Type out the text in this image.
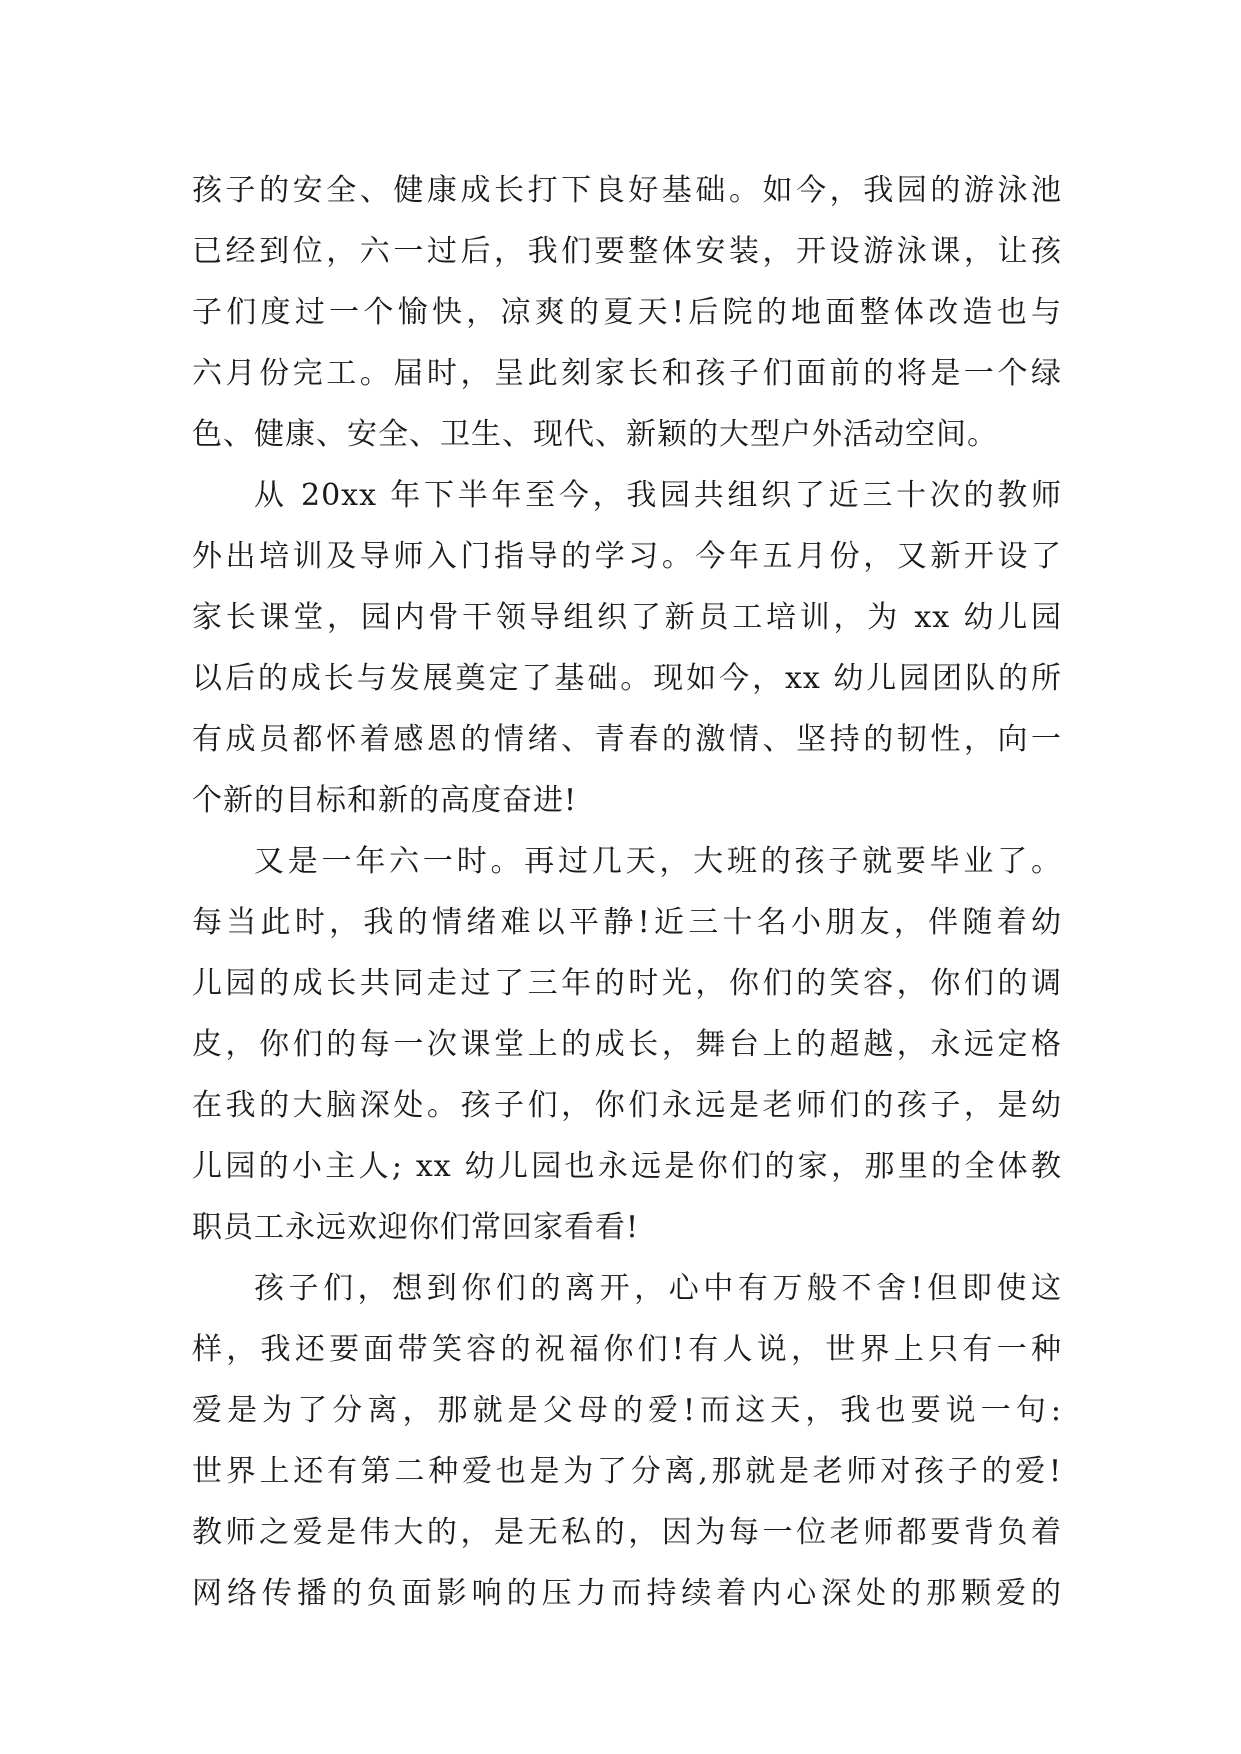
孩子的安全、健康成长打下良好基础。如今，我园的游泳池
已经到位，六一过后，我们要整体安装，开设游泳课，让孩
子们度过一个愉快，凉爽的夏天!后院的地面整体改造也与
六月份完工。届时，呈此刻家长和孩子们面前的将是一个绿
色、健康、安全、卫生、现代、新颖的大型户外活动空间。
从 20xx 年下半年至今，我园共组织了近三十次的教师
外出培训及导师入门指导的学习。今年五月份，又新开设了
家长课堂，园内骨干领导组织了新员工培训，为 xx 幼儿园
以后的成长与发展奠定了基础。现如今，xx 幼儿园团队的所
有成员都怀着感恩的情绪、青春的激情、坚持的韧性，向一
个新的目标和新的高度奋进!
又是一年六一时。再过几天，大班的孩子就要毕业了。
每当此时，我的情绪难以平静!近三十名小朋友，伴随着幼
儿园的成长共同走过了三年的时光，你们的笑容，你们的调
皮，你们的每一次课堂上的成长，舞台上的超越，永远定格
在我的大脑深处。孩子们，你们永远是老师们的孩子，是幼
儿园的小主人; xx 幼儿园也永远是你们的家，那里的全体教
职员工永远欢迎你们常回家看看!
孩子们，想到你们的离开，心中有万般不舍!但即使这
样，我还要面带笑容的祝福你们!有人说，世界上只有一种
爱是为了分离，那就是父母的爱!而这天，我也要说一句:
世界上还有第二种爱也是为了分离,那就是老师对孩子的爱!
教师之爱是伟大的，是无私的，因为每一位老师都要背负着
网络传播的负面影响的压力而持续着内心深处的那颗爱的
